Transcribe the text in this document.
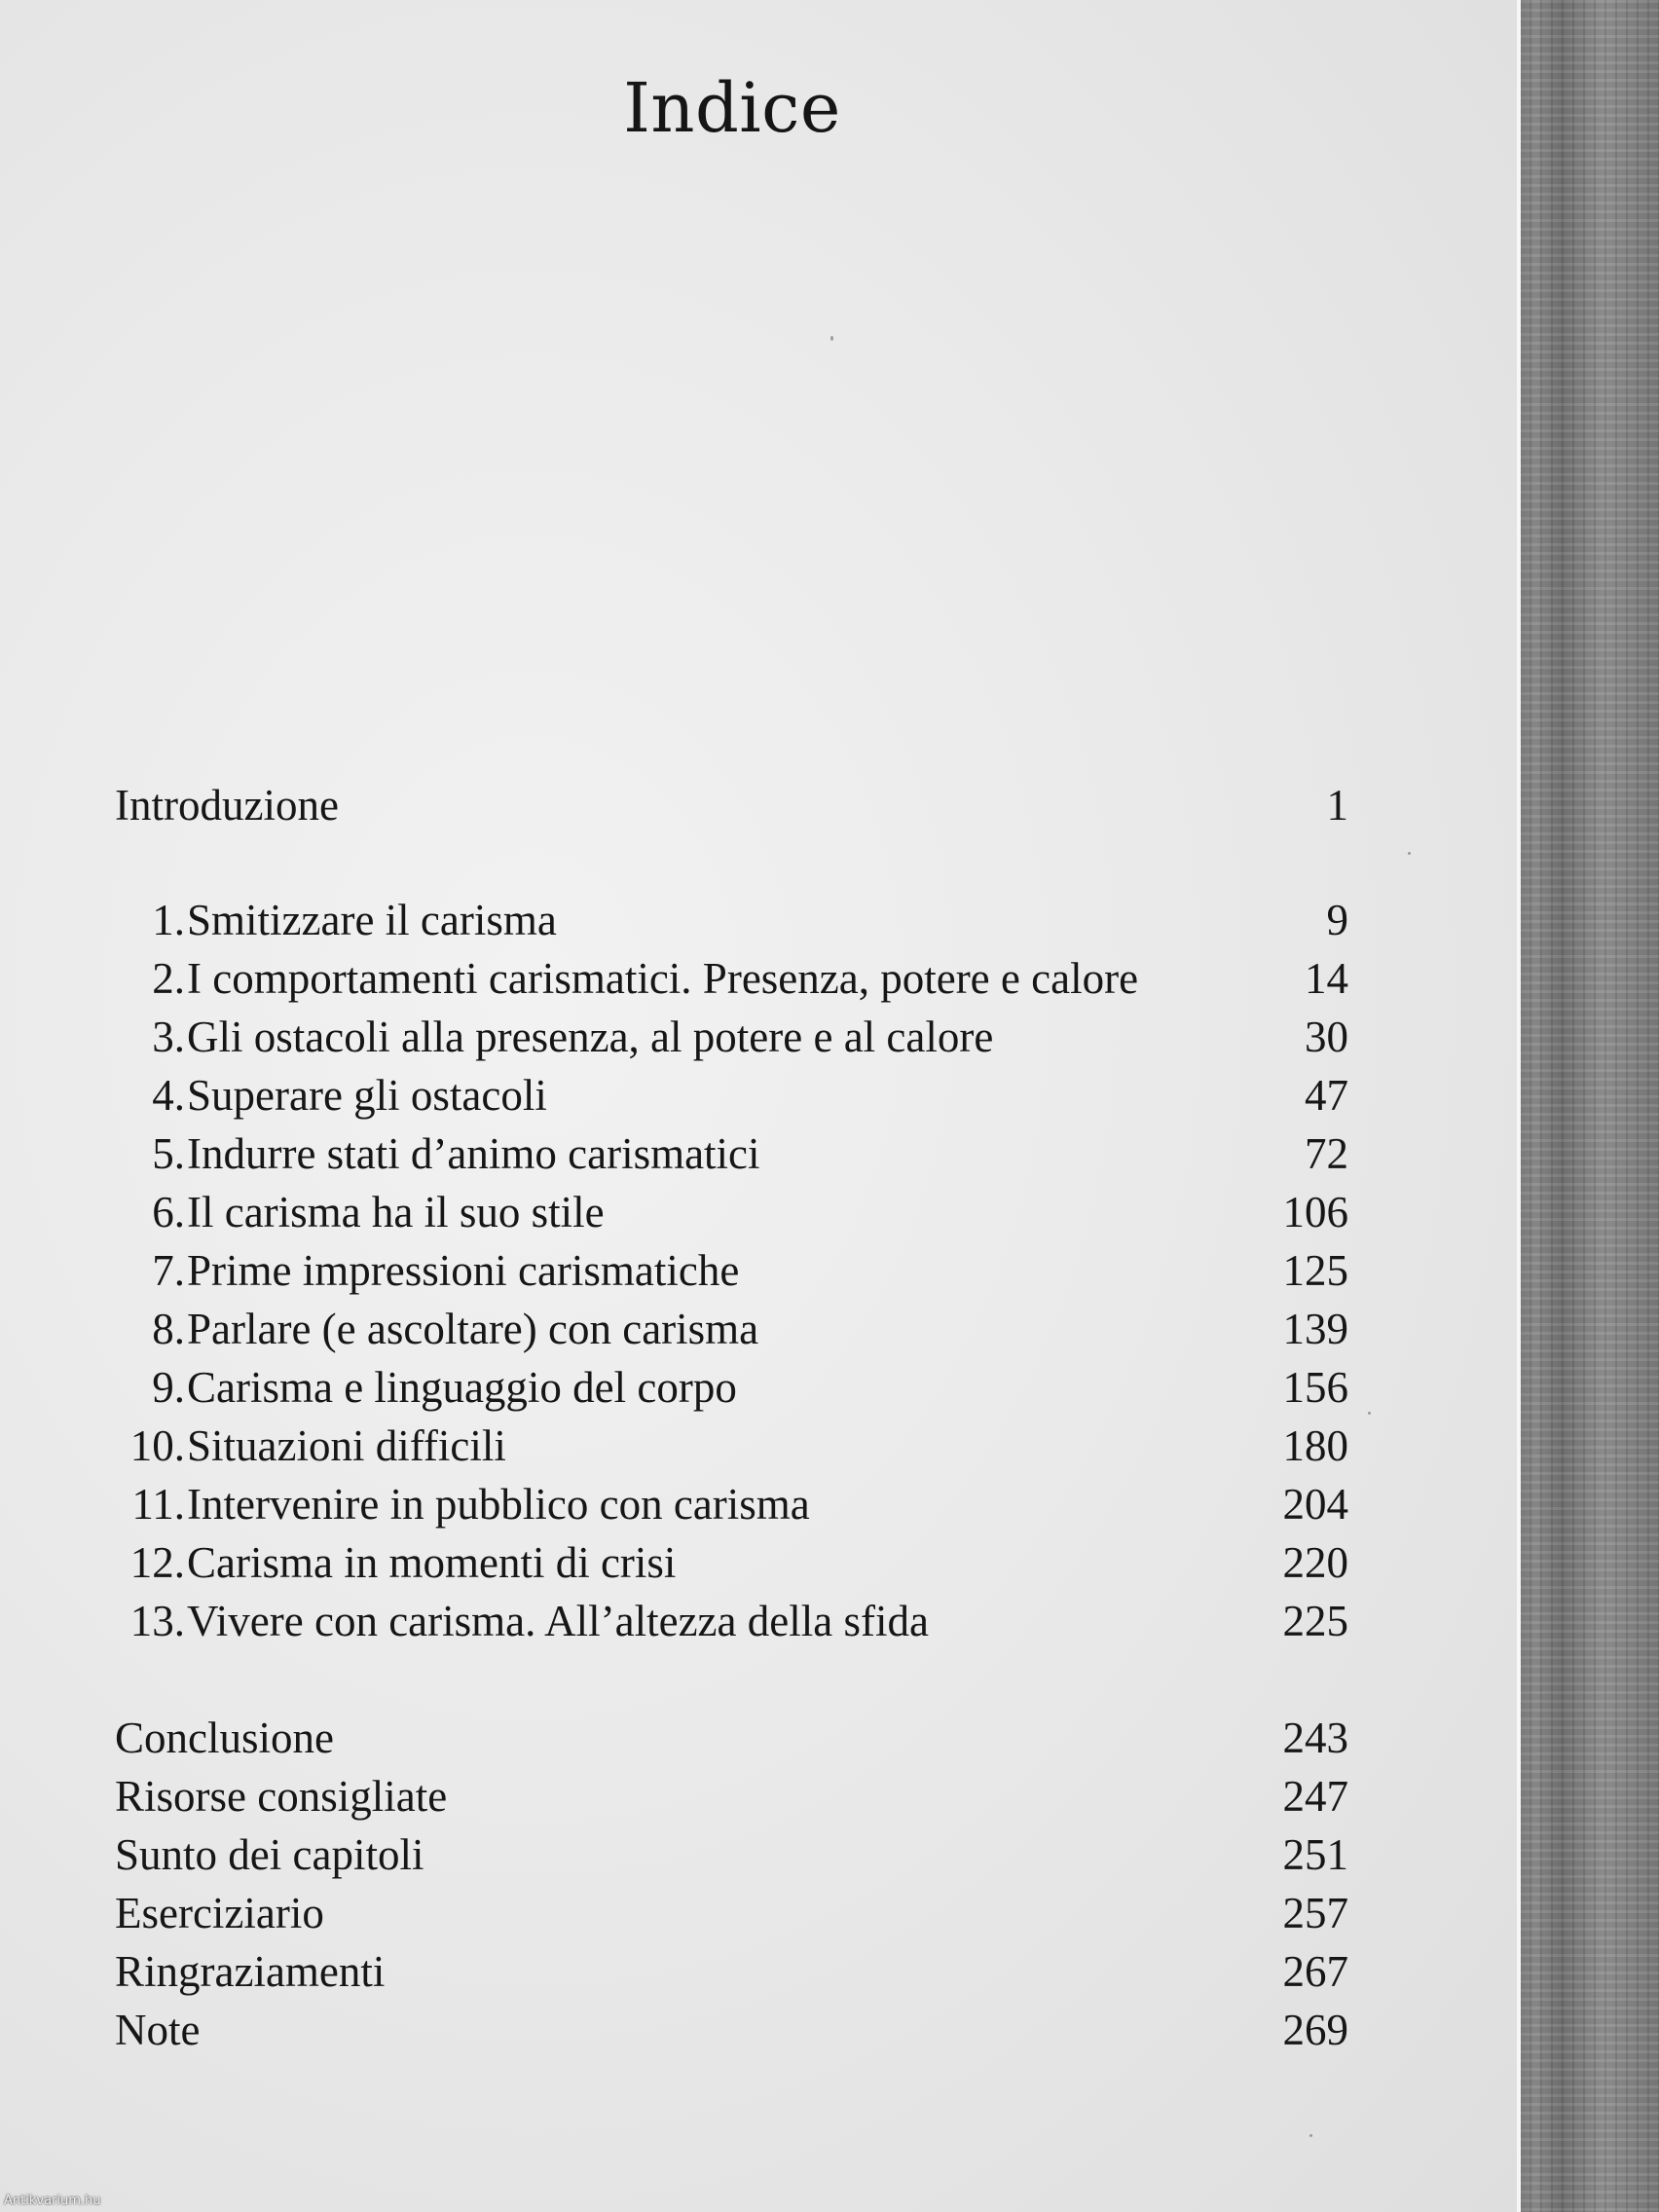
Indice
Introduzione	1
1. Smitizzare il carisma	9
2. I comportamenti carismatici. Presenza, potere e calore	14
3. Gli ostacoli alla presenza, al potere e al calore	30
4. Superare gli ostacoli	47
5. Indurre stati d’animo carismatici	72
6. Il carisma ha il suo stile	106
7. Prime impressioni carismatiche	125
8. Parlare (e ascoltare) con carisma	139
9. Carisma e linguaggio del corpo	156
10. Situazioni difficili	180
11. Intervenire in pubblico con carisma	204
12. Carisma in momenti di crisi	220
13. Vivere con carisma. All’altezza della sfida	225
Conclusione	243
Risorse consigliate	247
Sunto dei capitoli	251
Eserciziario	257
Ringraziamenti	267
Note	269
Antikvarium.hu
